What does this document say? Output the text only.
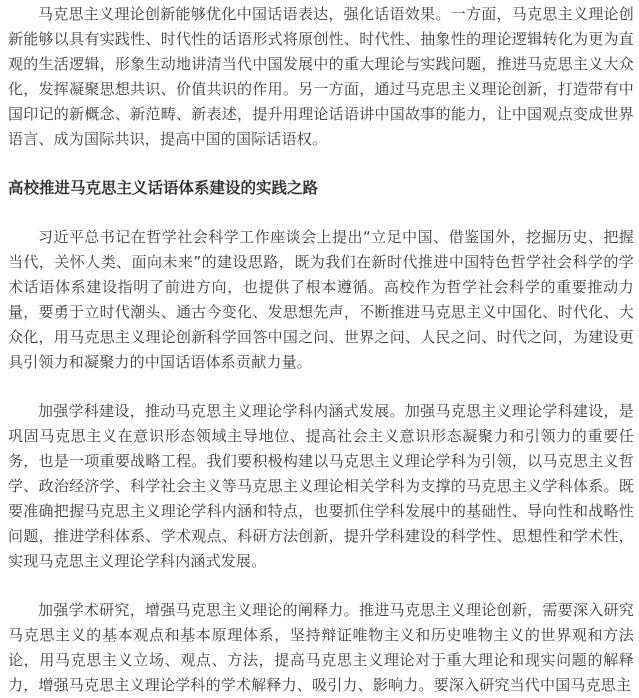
马克思主义理论创新能够优化中国话语表达，强化话语效果。一方面，马克思主义理论创新能够以具有实践性、时代性的话语形式将原创性、时代性、抽象性的理论逻辑转化为更为直观的生活逻辑，形象生动地讲清当代中国发展中的重大理论与实践问题，推进马克思主义大众化，发挥凝聚思想共识、价值共识的作用。另一方面，通过马克思主义理论创新，打造带有中国印记的新概念、新范畴、新表述，提升用理论话语讲中国故事的能力，让中国观点变成世界语言、成为国际共识，提高中国的国际话语权。

高校推进马克思主义话语体系建设的实践之路

习近平总书记在哲学社会科学工作座谈会上提出“立足中国、借鉴国外，挖掘历史、把握当代，关怀人类、面向未来”的建设思路，既为我们在新时代推进中国特色哲学社会科学的学术话语体系建设指明了前进方向，也提供了根本遵循。高校作为哲学社会科学的重要推动力量，要勇于立时代潮头、通古今变化、发思想先声，不断推进马克思主义中国化、时代化、大众化，用马克思主义理论创新科学回答中国之问、世界之问、人民之问、时代之问，为建设更具引领力和凝聚力的中国话语体系贡献力量。

加强学科建设，推动马克思主义理论学科内涵式发展。加强马克思主义理论学科建设，是巩固马克思主义在意识形态领域主导地位、提高社会主义意识形态凝聚力和引领力的重要任务，也是一项重要战略工程。我们要积极构建以马克思主义理论学科为引领，以马克思主义哲学、政治经济学、科学社会主义等马克思主义理论相关学科为支撑的马克思主义学科体系。既要准确把握马克思主义理论学科内涵和特点，也要抓住学科发展中的基础性、导向性和战略性问题，推进学科体系、学术观点、科研方法创新，提升学科建设的科学性、思想性和学术性，实现马克思主义理论学科内涵式发展。

加强学术研究，增强马克思主义理论的阐释力。推进马克思主义理论创新，需要深入研究马克思主义的基本观点和基本原理体系，坚持辩证唯物主义和历史唯物主义的世界观和方法论，用马克思主义立场、观点、方法，提高马克思主义理论对于重大理论和现实问题的解释力，增强马克思主义理论学科的学术解释力、吸引力、影响力。要深入研究当代中国马克思主
